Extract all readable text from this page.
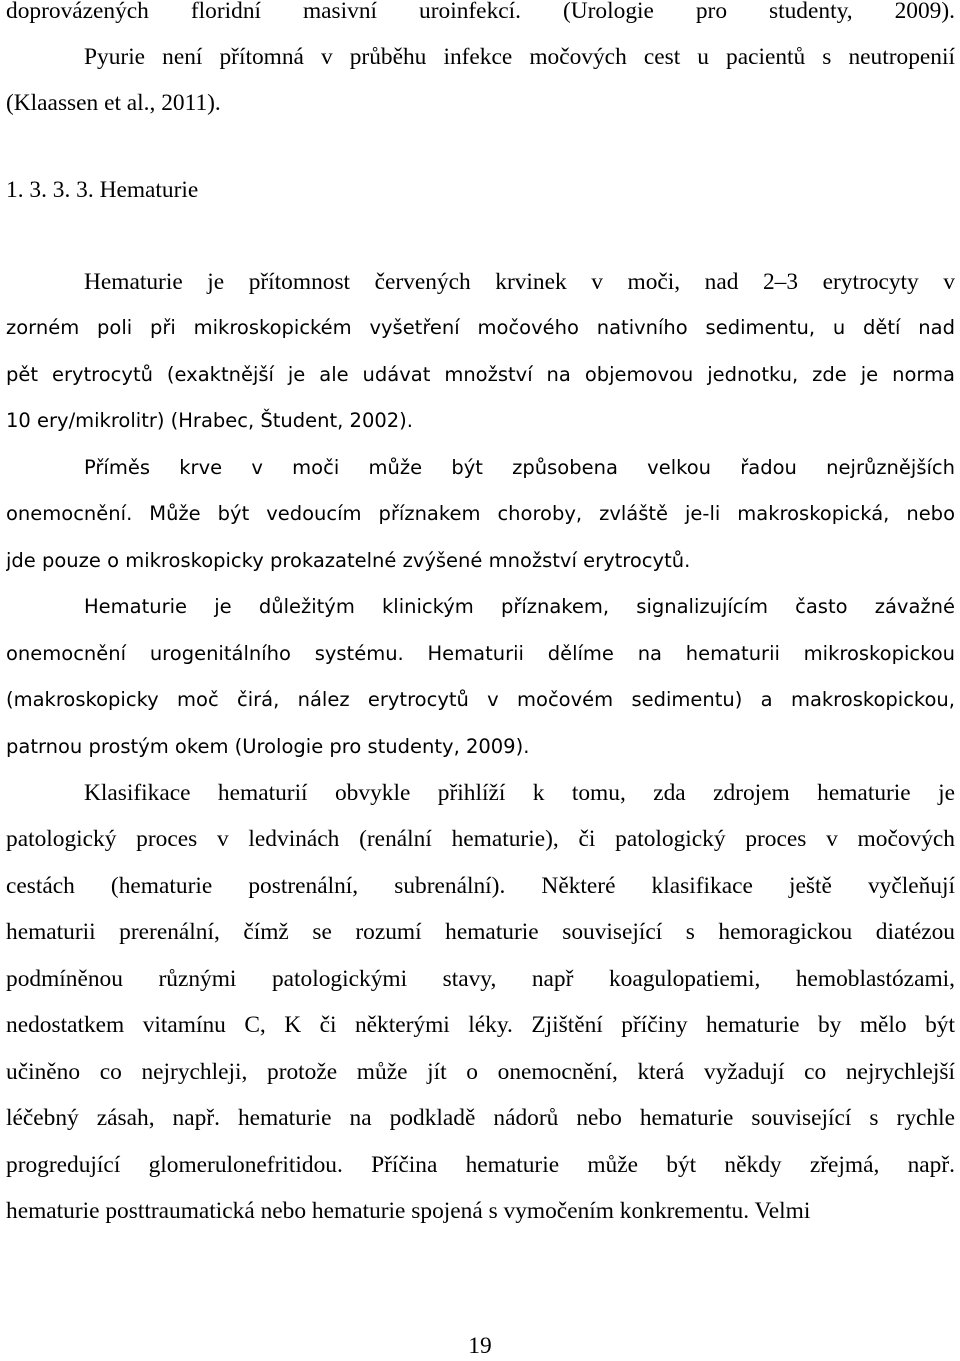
doprovázených floridní masivní uroinfekcí. (Urologie pro studenty, 2009).
Pyurie není přítomná v průběhu infekce močových cest u pacientů s neutropenií
(Klaassen et al., 2011).
1. 3. 3. 3. Hematurie
Hematurie je přítomnost červených krvinek v moči, nad 2–3 erytrocyty v
zorném poli při mikroskopickém vyšetření močového nativního sedimentu, u dětí nad
pět erytrocytů (exaktnější je ale udávat množství na objemovou jednotku, zde je norma
10 ery/mikrolitr) (Hrabec, Študent, 2002).
Příměs krve v moči může být způsobena velkou řadou nejrůznějších
onemocnění. Může být vedoucím příznakem choroby, zvláště je-li makroskopická, nebo
jde pouze o mikroskopicky prokazatelné zvýšené množství erytrocytů.
Hematurie je důležitým klinickým příznakem, signalizujícím často závažné
onemocnění urogenitálního systému. Hematurii dělíme na hematurii mikroskopickou
(makroskopicky moč čirá, nález erytrocytů v močovém sedimentu) a makroskopickou,
patrnou prostým okem (Urologie pro studenty, 2009).
Klasifikace hematurií obvykle přihlíží k tomu, zda zdrojem hematurie je
patologický proces v ledvinách (renální hematurie), či patologický proces v močových
cestách (hematurie postrenální, subrenální). Některé klasifikace ještě vyčleňují
hematurii prerenální, čímž se rozumí hematurie související s hemoragickou diatézou
podmíněnou různými patologickými stavy, např koagulopatiemi, hemoblastózami,
nedostatkem vitamínu C, K či některými léky. Zjištění příčiny hematurie by mělo být
učiněno co nejrychleji, protože může jít o onemocnění, která vyžadují co nejrychlejší
léčebný zásah, např. hematurie na podkladě nádorů nebo hematurie související s rychle
progredující glomerulonefritidou. Příčina hematurie může být někdy zřejmá, např.
hematurie posttraumatická nebo hematurie spojená s vymočením konkrementu. Velmi
19
